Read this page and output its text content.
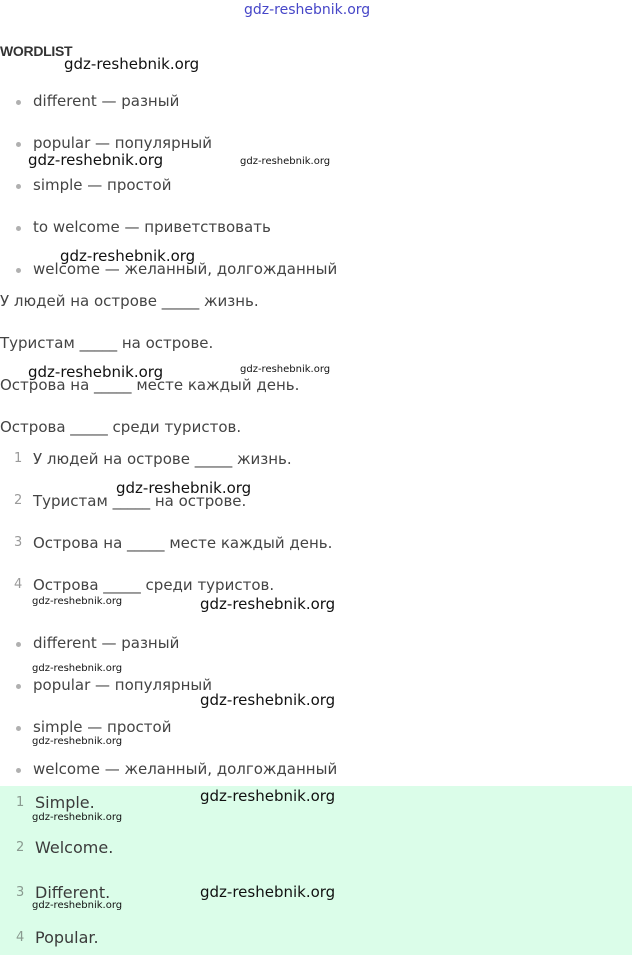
gdz-reshebnik.org
WORDLIST
different — разный
popular — популярный
simple — простой
to welcome — приветствовать
welcome — желанный, долгожданный
У людей на острове _____ жизнь.
Туристам _____ на острове.
Острова на _____ месте каждый день.
Острова _____ среди туристов.
1 У людей на острове _____ жизнь.
2 Туристам _____ на острове.
3 Острова на _____ месте каждый день.
4 Острова _____ среди туристов.
different — разный
popular — популярный
simple — простой
welcome — желанный, долгожданный
1 Simple.
2 Welcome.
3 Different.
4 Popular.
gdz-reshebnik.org
gdz-reshebnik.org	gdz-reshebnik.org
gdz-reshebnik.org
gdz-reshebnik.org	gdz-reshebnik.org
gdz-reshebnik.org
gdz-reshebnik.org	gdz-reshebnik.org
gdz-reshebnik.org
gdz-reshebnik.org
gdz-reshebnik.org
gdz-reshebnik.org
gdz-reshebnik.org
gdz-reshebnik.org
gdz-reshebnik.org
